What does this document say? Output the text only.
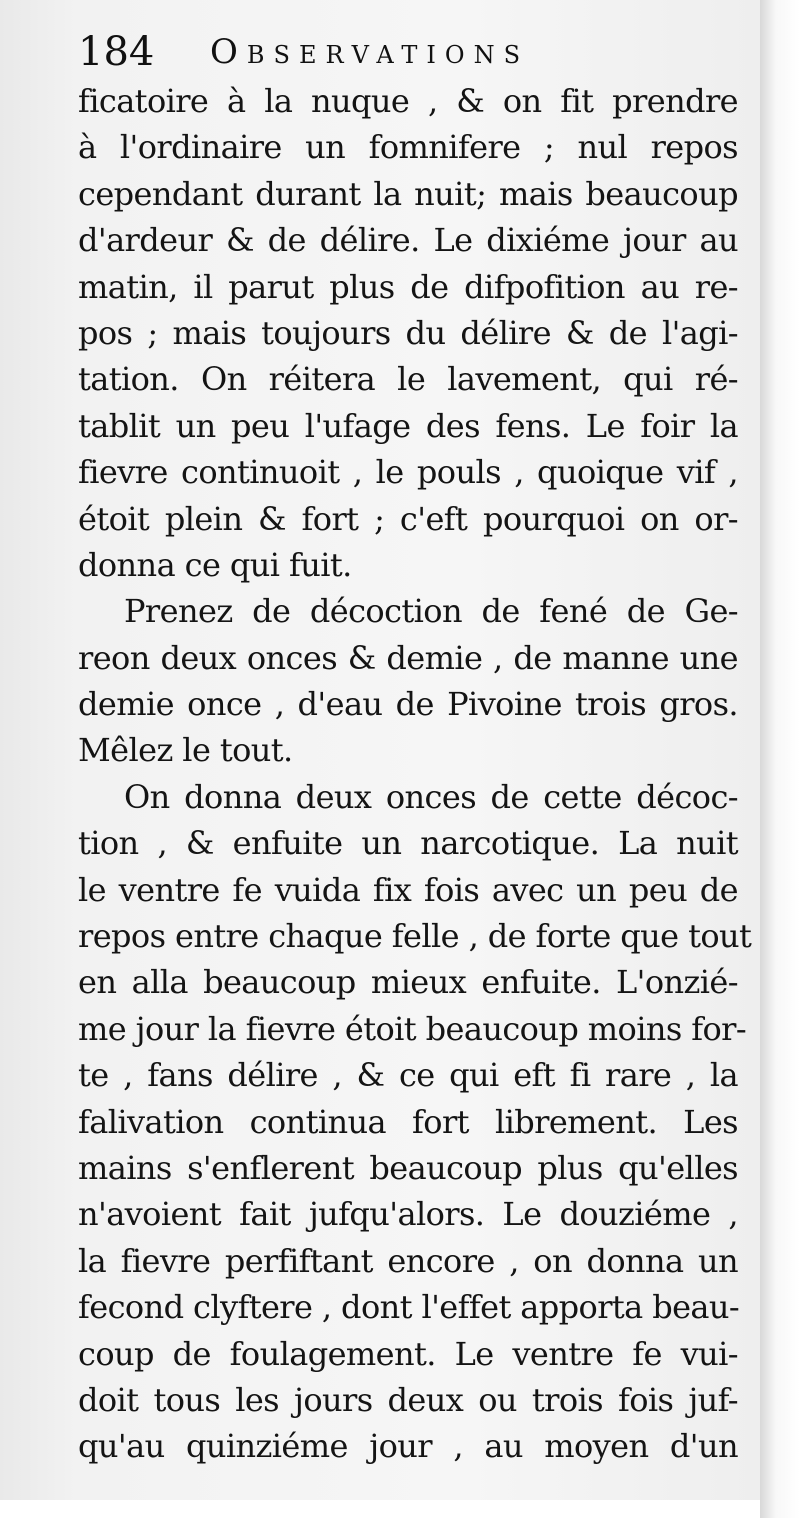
184 Observations
ficatoire à la nuque , & on fit prendre
à l'ordinaire un fomnifere ; nul repos
cependant durant la nuit; mais beaucoup
d'ardeur & de délire. Le dixiéme jour au
matin, il parut plus de difpofition au re-
pos ; mais toujours du délire & de l'agi-
tation. On réitera le lavement, qui ré-
tablit un peu l'ufage des fens. Le foir la
fievre continuoit , le pouls , quoique vif ,
étoit plein & fort ; c'eft pourquoi on or-
donna ce qui fuit.
Prenez de décoction de fené de Ge-
reon deux onces & demie , de manne une
demie once , d'eau de Pivoine trois gros.
Mêlez le tout.
On donna deux onces de cette décoc-
tion , & enfuite un narcotique. La nuit
le ventre fe vuida fix fois avec un peu de
repos entre chaque felle , de forte que tout
en alla beaucoup mieux enfuite. L'onzié-
me jour la fievre étoit beaucoup moins for-
te , fans délire , & ce qui eft fi rare , la
falivation continua fort librement. Les
mains s'enflerent beaucoup plus qu'elles
n'avoient fait jufqu'alors. Le douziéme ,
la fievre perfiftant encore , on donna un
fecond clyftere , dont l'effet apporta beau-
coup de foulagement. Le ventre fe vui-
doit tous les jours deux ou trois fois juf-
qu'au quinziéme jour , au moyen d'un
